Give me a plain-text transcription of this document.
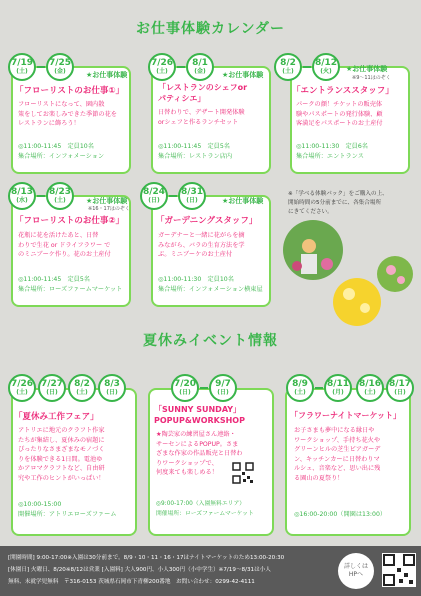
お仕事体験カレンダー
7/19
(土)
7/25
(金)	★お仕事体験
「フローリストのお仕事①」
フローリストになって、園内散
策をしてお楽しみできた季節の花を
レストランに飾ろう！
◎11:00-11:45　定員10名
集合場所：インフォメーション
7/26
(土)
8/1
(金) ★お仕事体験
「レストランのシェフor
パティシエ」
日替わりで、デザート開発体験
orシェフと作るランチセット
◎11:00-11:45　定員5名
集合場所：レストラン店内
8/2
(土)
8/12
(火) ★お仕事体験
※9～11はのぞく
「エントランススタッフ」
パークの顔！チケットの販売体
験やパスポートの発行体験、顧
客満足をパスポートのお土産付
◎11:00-11:30　定員6名
集合場所：エントランス
8/13
(水)
8/23
(土)	★お仕事体験
※16・17はのぞく
「フローリストのお仕事②」
花瓶に花を活けたあと、日替
わりで生花 or ドライフラワー で
のミニブーケ作り。花のお土産付
◎11:00-11:45　定員5名
集合場所：ローズファームマーケット
8/24
(日)
8/31
(日)	★お仕事体験
「ガーデニングスタッフ」
ガーデナーと一緒に花がらを摘
みながら、バラの生育方法を学
ぶ。ミニブーケのお土産付
◎11:00-11:30　定員10名
集合場所：インフォメーション横東屋
※「学べる体験パック」をご購入の上、
開始時間の5分前までに、各集合場所
にきてください。
夏休みイベント情報
7/26
(土)
7/27
(日)
8/2
(土)
8/3
(日)
「夏休み工作フェア」
アトリエに地元のクラフト作家
たちが集結し、夏休みの宿題に
ぴったりなさまざまなモノづく
りを体験できる1日間。電池ゆ
かアロマクラフトなど、自由研
究や工作のヒントがいっぱい！
◎10:00-15:00
開催場所：アトリエローズファーム
7/20
(日)
9/7
(日)
「SUNNY SUNDAY」
POPUP&WORKSHOP
★陶芸家の練習屋さん連絡・
サーセンによるPOPUP。さま
ざまな作家の作品販売と日替わ
りワークショップで、
何度来ても楽しめる！
◎9:00-17:00（入園無料エリア）
開催場所：ローズファームマーケット
8/9
(土)
8/11
(月)
8/16
(土)
8/17
(日)
「フラワーナイトマーケット」
お子さまも夢中になる縁日や
ワークショップ、手持ち花火や
グリーンヒルの芝生ビアガーデ
ン、キッチンカーに日替わりマ
ルシェ、音楽など、思い出に残
る園山の夏祭り！
◎16:00-20:00（開園は13:00）
[開園時間] 9:00-17:00※入園は30分前まで。8/9・10・11・16・17はナイトマーケットのため13:00-20:30
[休園日] 火曜日、8/20※8/12は営業 [入園料] 大人900円、小人300円（小中学生）※7/19～8/31は小人
無料、未就学児無料　〒316-0153 茨城県石岡市下青柳200番地　お問い合わせ：0299-42-4111
詳しくは
HPへ
